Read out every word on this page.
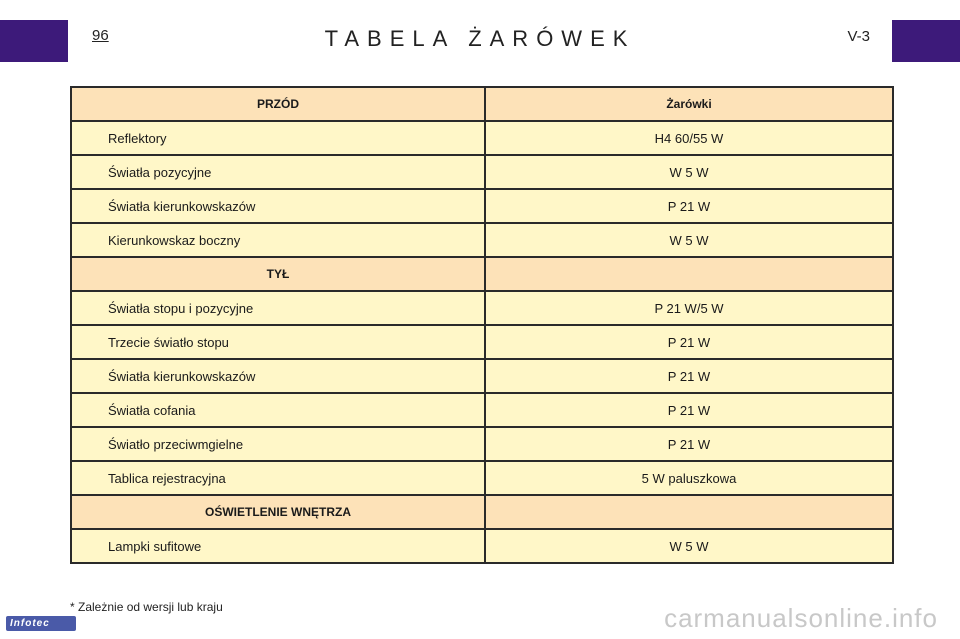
96	TABELA ŻARÓWEK	V-3
PRZÓD	Żarówki
Reflektory	H4 60/55 W
Światła pozycyjne	W 5 W
Światła kierunkowskazów	P 21 W
Kierunkowskaz boczny	W 5 W
TYŁ	
Światła stopu i pozycyjne	P 21 W/5 W
Trzecie światło stopu	P 21 W
Światła kierunkowskazów	P 21 W
Światła cofania	P 21 W
Światło przeciwmgielne	P 21 W
Tablica rejestracyjna	5 W paluszkowa
OŚWIETLENIE WNĘTRZA	
Lampki sufitowe	W 5 W
* Zależnie od wersji lub kraju
Infotec	carmanualsonline.info
